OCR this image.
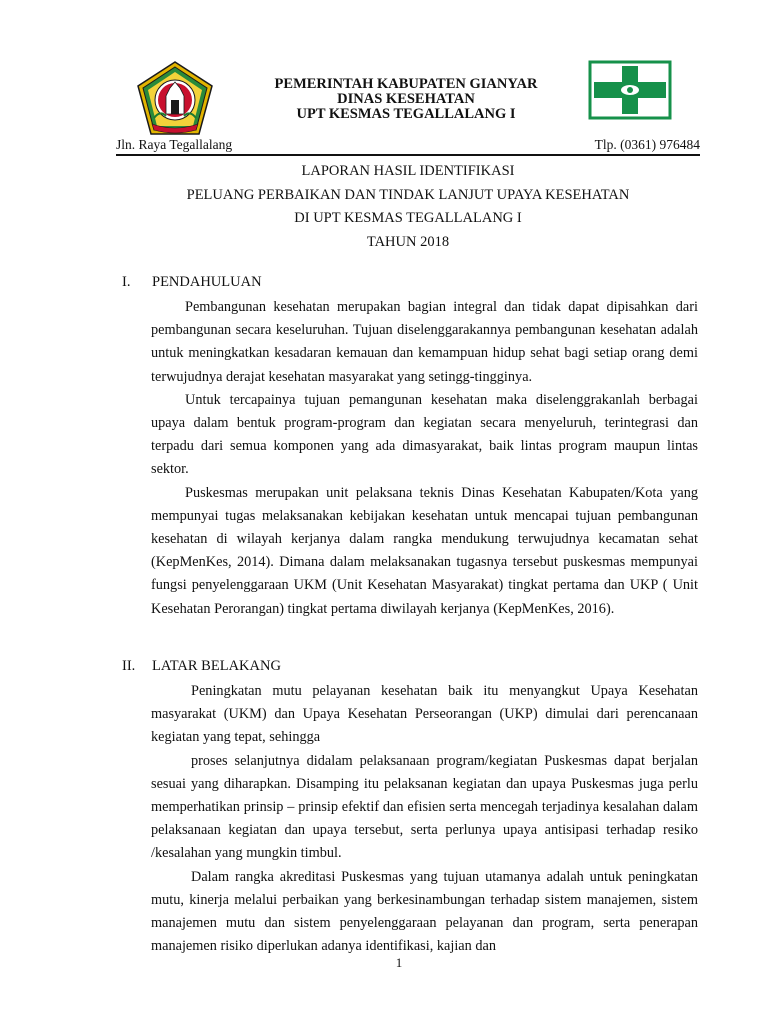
PEMERINTAH KABUPATEN GIANYAR
DINAS KESEHATAN
UPT KESMAS TEGALLALANG I
Jln. Raya Tegallalang	Tlp. (0361) 976484
LAPORAN HASIL IDENTIFIKASI
PELUANG PERBAIKAN DAN TINDAK LANJUT UPAYA KESEHATAN
DI UPT KESMAS TEGALLALANG I
TAHUN 2018
I. PENDAHULUAN

Pembangunan kesehatan merupakan bagian integral dan tidak dapat dipisahkan dari pembangunan secara keseluruhan. Tujuan diselenggarakannya pembangunan kesehatan adalah untuk meningkatkan kesadaran kemauan dan kemampuan hidup sehat bagi setiap orang demi terwujudnya derajat kesehatan masyarakat yang setingg-tingginya.

Untuk tercapainya tujuan pemangunan kesehatan maka diselenggrakanlah berbagai upaya dalam bentuk program-program dan kegiatan secara menyeluruh, terintegrasi dan terpadu dari semua komponen yang ada dimasyarakat, baik lintas program maupun lintas sektor.

Puskesmas merupakan unit pelaksana teknis Dinas Kesehatan Kabupaten/Kota yang mempunyai tugas melaksanakan kebijakan kesehatan untuk mencapai tujuan pembangunan kesehatan di wilayah kerjanya dalam rangka mendukung terwujudnya kecamatan sehat (KepMenKes, 2014). Dimana dalam melaksanakan tugasnya tersebut puskesmas mempunyai fungsi penyelenggaraan UKM (Unit Kesehatan Masyarakat) tingkat pertama dan UKP ( Unit Kesehatan Perorangan) tingkat pertama diwilayah kerjanya (KepMenKes, 2016).

II. LATAR BELAKANG

Peningkatan mutu pelayanan kesehatan baik itu menyangkut Upaya Kesehatan masyarakat (UKM) dan Upaya Kesehatan Perseorangan (UKP) dimulai dari perencanaan kegiatan yang tepat, sehingga

proses selanjutnya didalam pelaksanaan program/kegiatan Puskesmas dapat berjalan sesuai yang diharapkan. Disamping itu pelaksanan kegiatan dan upaya Puskesmas juga perlu memperhatikan prinsip – prinsip efektif dan efisien serta mencegah terjadinya kesalahan dalam pelaksanaan kegiatan dan upaya tersebut, serta perlunya upaya antisipasi terhadap resiko /kesalahan yang mungkin timbul.

Dalam rangka akreditasi Puskesmas yang tujuan utamanya adalah untuk peningkatan mutu, kinerja melalui perbaikan yang berkesinambungan terhadap sistem manajemen, sistem manajemen mutu dan sistem penyelenggaraan pelayanan dan program, serta penerapan manajemen risiko diperlukan adanya identifikasi, kajian dan

1
